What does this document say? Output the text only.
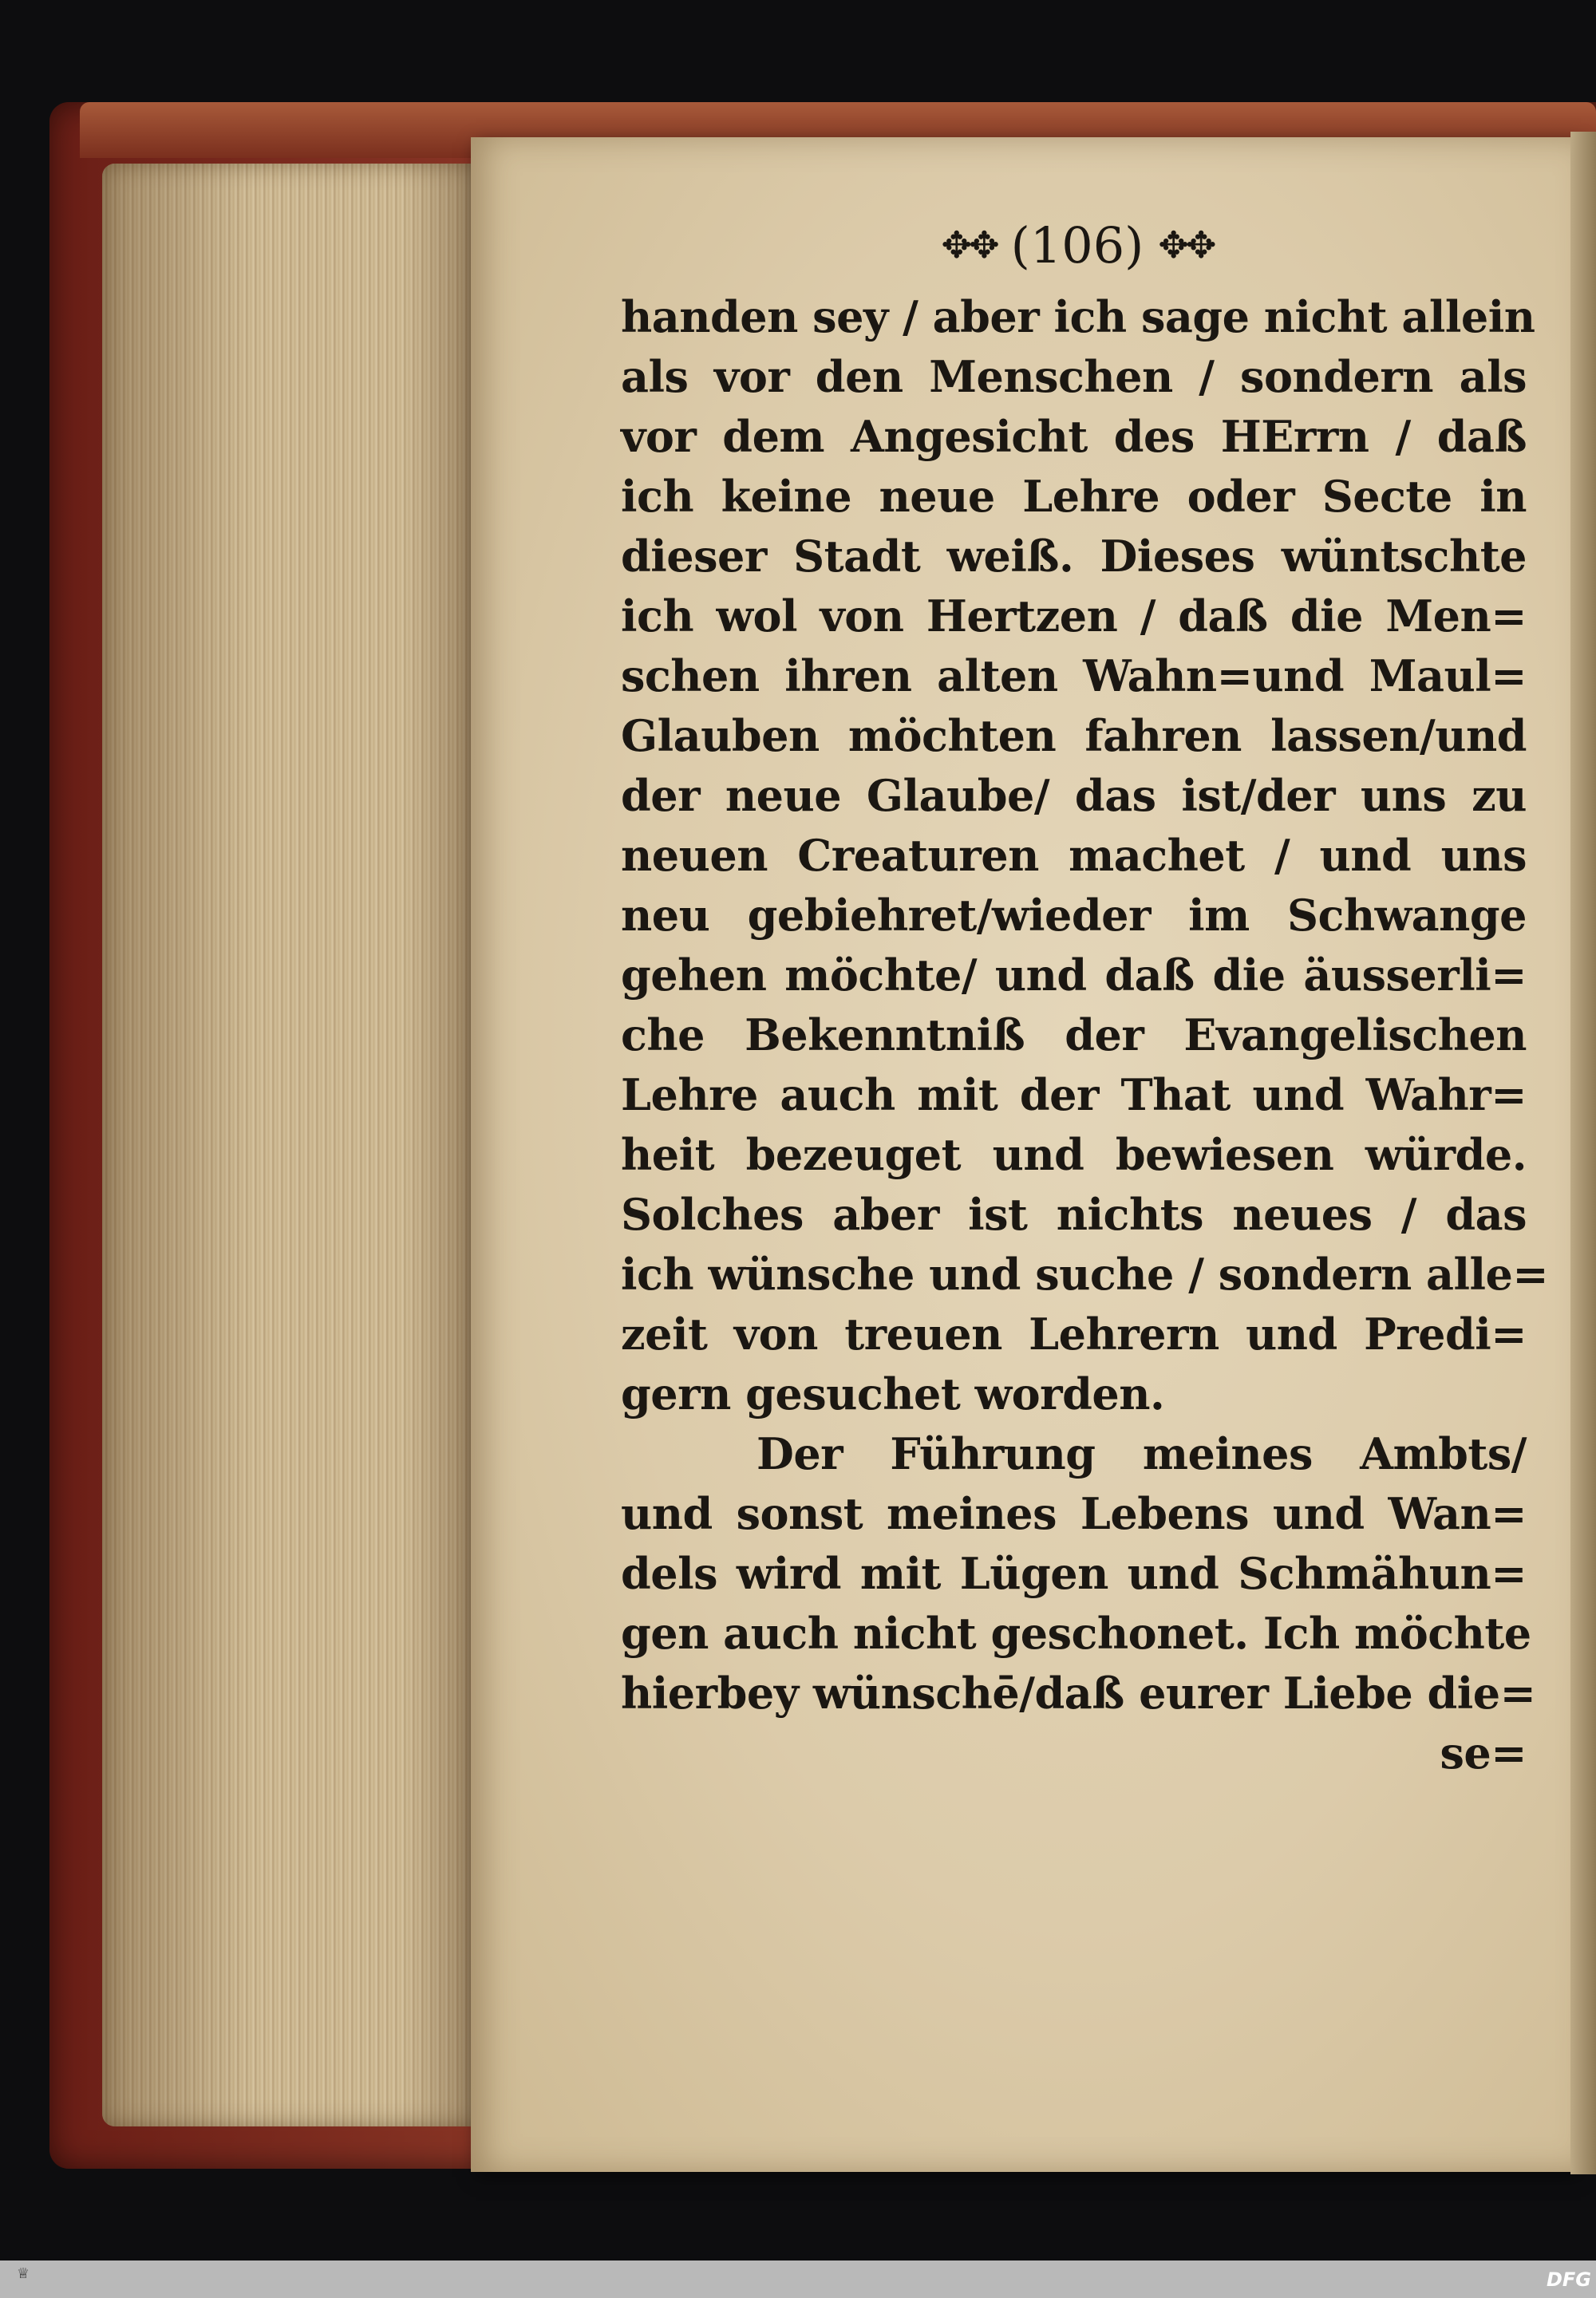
✥✥ (106) ✥✥
handen sey / aber ich sage nicht allein
als vor den Menschen / sondern als
vor dem Angesicht des HErrn / daß
ich keine neue Lehre oder Secte in
dieser Stadt weiß. Dieses wüntschte
ich wol von Hertzen / daß die Men=
schen ihren alten Wahn=und Maul=
Glauben möchten fahren lassen/und
der neue Glaube/ das ist/der uns zu
neuen Creaturen machet / und uns
neu gebiehret/wieder im Schwange
gehen möchte/ und daß die äusserli=
che Bekenntniß der Evangelischen
Lehre auch mit der That und Wahr=
heit bezeuget und bewiesen würde.
Solches aber ist nichts neues / das
ich wünsche und suche / sondern alle=
zeit von treuen Lehrern und Predi=
gern gesuchet worden.
Der Führung meines Ambts/
und sonst meines Lebens und Wan=
dels wird mit Lügen und Schmähun=
gen auch nicht geschonet. Ich möchte
hierbey wünschē/daß eurer Liebe die=
se=
♕	DFG
